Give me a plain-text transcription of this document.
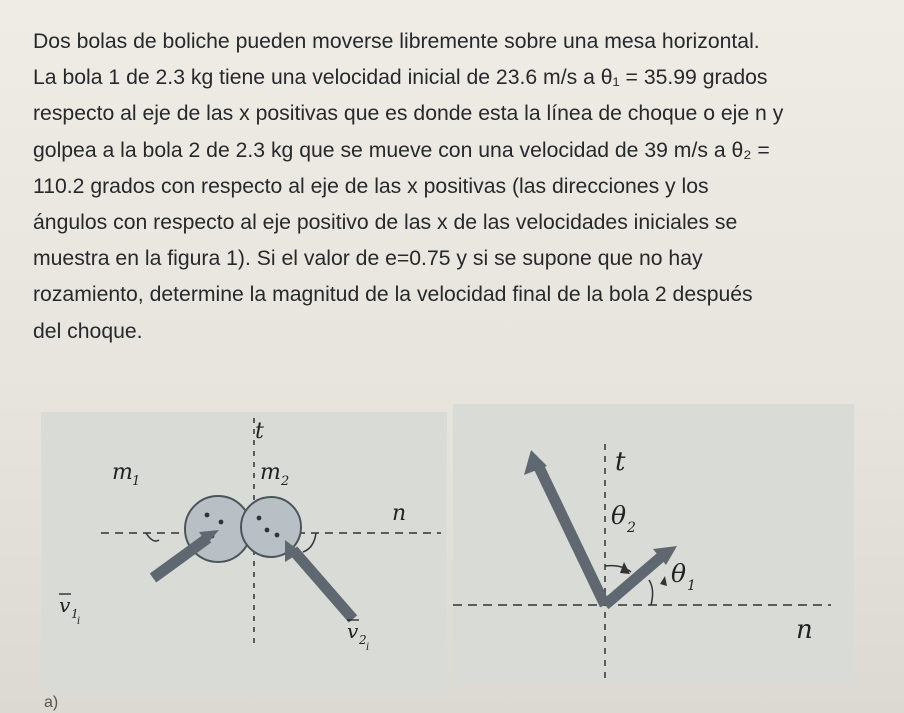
Dos bolas de boliche pueden moverse libremente sobre una mesa horizontal.

La bola 1 de 2.3 kg tiene una velocidad inicial de 23.6 m/s a θ₁ = 35.99 grados

respecto al eje de las x positivas que es donde esta la línea de choque o eje n y

golpea a la bola 2 de 2.3 kg que se mueve con una velocidad de 39 m/s a θ₂ =

110.2 grados con respecto al eje de las x positivas (las direcciones y los

ángulos con respecto al eje positivo de las x de las velocidades iniciales se

muestra en la figura 1). Si el valor de e=0.75 y si se supone que no hay

rozamiento, determine la magnitud de la velocidad final de la bola 2 después

del choque.

t
n
m 1	m 2
v 1
i	v 2
i
t
n
θ 2
θ 1
a)
